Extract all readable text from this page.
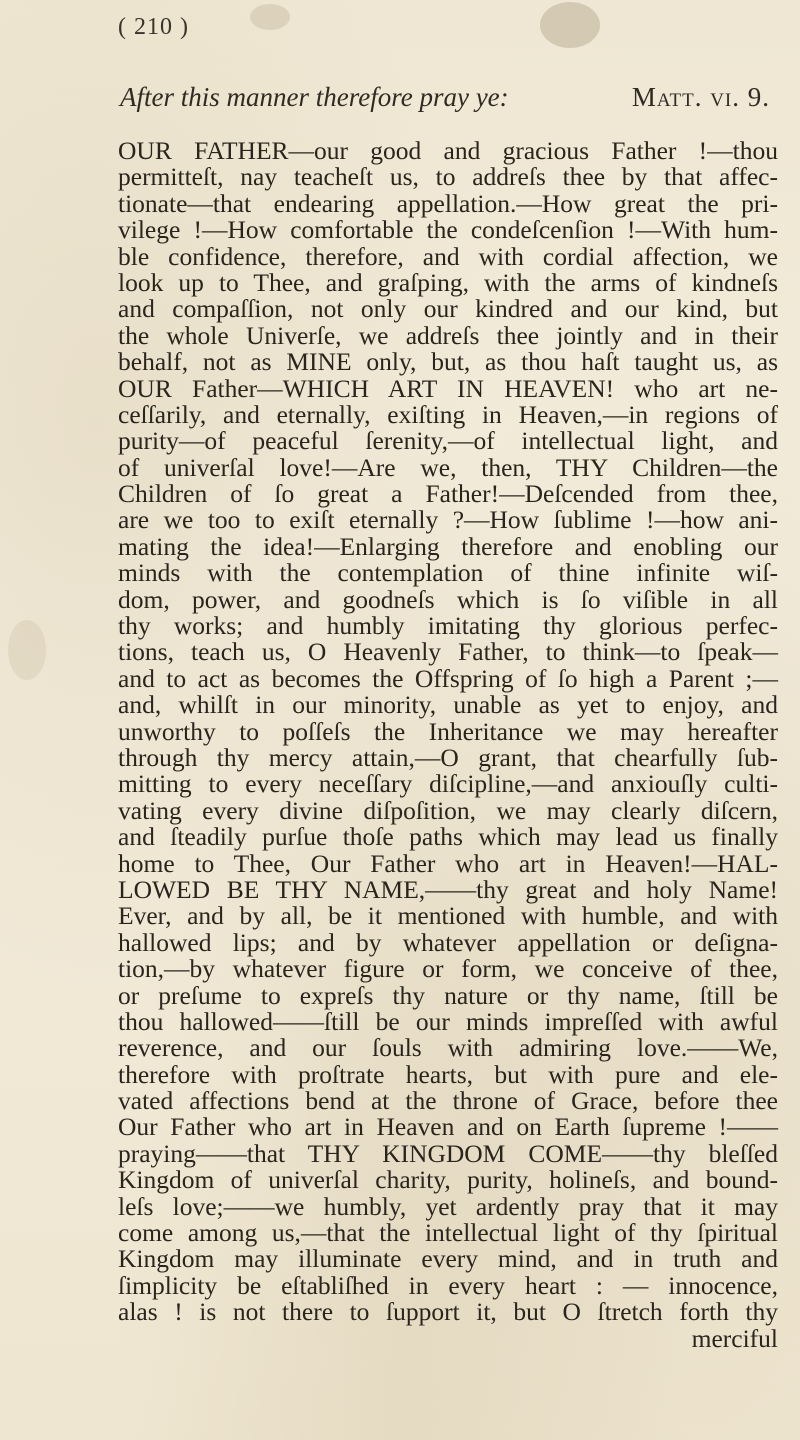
( 210 )
After this manner therefore pray ye:	Matt. vi. 9.
OUR FATHER—our good and gracious Father !—thou
permitteſt, nay teacheſt us, to addreſs thee by that affec-
tionate—that endearing appellation.—How great the pri-
vilege !—How comfortable the condeſcenſion !—With hum-
ble confidence, therefore, and with cordial affection, we
look up to Thee, and graſping, with the arms of kindneſs
and compaſſion, not only our kindred and our kind, but
the whole Univerſe, we addreſs thee jointly and in their
behalf, not as MINE only, but, as thou haſt taught us, as
OUR Father—WHICH ART IN HEAVEN! who art ne-
ceſſarily, and eternally, exiſting in Heaven,—in regions of
purity—of peaceful ſerenity,—of intellectual light, and
of univerſal love!—Are we, then, THY Children—the
Children of ſo great a Father!—Deſcended from thee,
are we too to exiſt eternally ?—How ſublime !—how ani-
mating the idea!—Enlarging therefore and enobling our
minds with the contemplation of thine infinite wiſ-
dom, power, and goodneſs which is ſo viſible in all
thy works; and humbly imitating thy glorious perfec-
tions, teach us, O Heavenly Father, to think—to ſpeak—
and to act as becomes the Offspring of ſo high a Parent ;—
and, whilſt in our minority, unable as yet to enjoy, and
unworthy to poſſeſs the Inheritance we may hereafter
through thy mercy attain,—O grant, that chearfully ſub-
mitting to every neceſſary diſcipline,—and anxiouſly culti-
vating every divine diſpoſition, we may clearly diſcern,
and ſteadily purſue thoſe paths which may lead us finally
home to Thee, Our Father who art in Heaven!—HAL-
LOWED BE THY NAME,——thy great and holy Name!
Ever, and by all, be it mentioned with humble, and with
hallowed lips; and by whatever appellation or deſigna-
tion,—by whatever figure or form, we conceive of thee,
or preſume to expreſs thy nature or thy name, ſtill be
thou hallowed——ſtill be our minds impreſſed with awful
reverence, and our ſouls with admiring love.——We,
therefore with proſtrate hearts, but with pure and ele-
vated affections bend at the throne of Grace, before thee
Our Father who art in Heaven and on Earth ſupreme !——
praying——that THY KINGDOM COME——thy bleſſed
Kingdom of univerſal charity, purity, holineſs, and bound-
leſs love;——we humbly, yet ardently pray that it may
come among us,—that the intellectual light of thy ſpiritual
Kingdom may illuminate every mind, and in truth and
ſimplicity be eſtabliſhed in every heart : — innocence,
alas ! is not there to ſupport it, but O ſtretch forth thy
merciful
